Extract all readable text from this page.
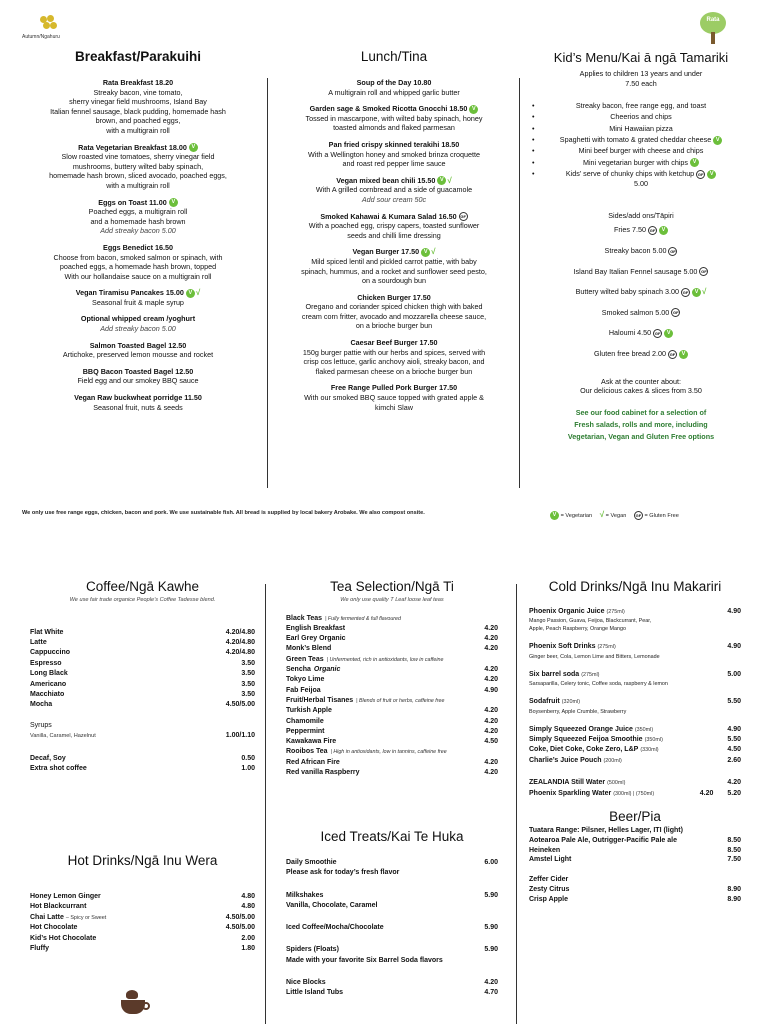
Autumn/Ngahuru
Rata
Breakfast/Parakuihi

Rata Breakfast 18.20

Streaky bacon, vine tomato,

sherry vinegar field mushrooms, Island Bay

Italian fennel sausage, black pudding, homemade hash

brown, and poached eggs,

with a multigrain roll

Rata Vegetarian Breakfast 18.00 V

Slow roasted vine tomatoes, sherry vinegar field

mushrooms, buttery wilted baby spinach,

homemade hash brown, sliced avocado, poached eggs,

with a multigrain roll

Eggs on Toast 11.00 V

Poached eggs, a multigrain roll

and a homemade hash brown

Add streaky bacon 5.00

Eggs Benedict 16.50

Choose from bacon, smoked salmon or spinach, with

poached eggs, a homemade hash brown, topped

With our hollandaise sauce on a multigrain roll

Vegan Tiramisu Pancakes 15.00 V √

Seasonal fruit & maple syrup

Optional whipped cream /yoghurt

Add streaky bacon 5.00

Salmon Toasted Bagel 12.50

Artichoke, preserved lemon mousse and rocket

BBQ Bacon Toasted Bagel 12.50

Field egg and our smokey BBQ sauce

Vegan Raw buckwheat porridge 11.50

Seasonal fruit, nuts & seeds

Lunch/Tina

Soup of the Day 10.80

A multigrain roll and whipped garlic butter

Garden sage & Smoked Ricotta Gnocchi 18.50 V

Tossed in mascarpone, with wilted baby spinach, honey

toasted almonds and flaked parmesan

Pan fried crispy skinned terakihi 18.50

With a Wellington honey and smoked brinza croquette

and roast red pepper lime sauce

Vegan mixed bean chili 15.50 V √

With A grilled cornbread and a side of guacamole

Add sour cream 50c

Smoked Kahawai & Kumara Salad 16.50 GF

With a poached egg, crispy capers, toasted sunflower

seeds and chilli lime dressing

Vegan Burger 17.50 V √

Mild spiced lentil and pickled carrot pattie, with baby

spinach, hummus, and a rocket and sunflower seed pesto,

on a sourdough bun

Chicken Burger 17.50

Oregano and coriander spiced chicken thigh with baked

cream corn fritter, avocado and mozzarella cheese sauce,

on a brioche burger bun

Caesar Beef Burger 17.50

150g burger pattie with our herbs and spices, served with

crisp cos lettuce, garlic anchovy aioli, streaky bacon, and

flaked parmesan cheese on a brioche burger bun

Free Range Pulled Pork Burger 17.50

With our smoked BBQ sauce topped with grated apple &

kimchi Slaw

Kid’s Menu/Kai ā ngā Tamariki

Applies to children 13 years and under

7.50 each

• Streaky bacon, free range egg, and toast
• Cheerios and chips
• Mini Hawaiian pizza
• Spaghetti with tomato & grated cheddar cheese V
• Mini beef burger with cheese and chips
• Mini vegetarian burger with chips V
• Kids’ serve of chunky chips with ketchup GF V

5.00

Sides/add ons/Tāpiri

Fries 7.50 GF V

Streaky bacon 5.00 GF

Island Bay Italian Fennel sausage 5.00 GF

Buttery wilted baby spinach 3.00 GF V √

Smoked salmon 5.00 GF

Haloumi 4.50 GF V

Gluten free bread 2.00 GF V

Ask at the counter about:

Our delicious cakes & slices from 3.50

See our food cabinet for a selection of

Fresh salads, rolls and more, including

Vegetarian, Vegan and Gluten Free options

We only use free range eggs, chicken, bacon and pork. We use sustainable fish. All bread is supplied by local bakery Arobake. We also compost onsite.	V = Vegetarian √ = Vegan GF = Gluten Free
Coffee/Ngā Kawhe

We use fair trade organice People’s Coffee Tadesse blend.

Flat White	4.20/4.80
Latte	4.20/4.80
Cappuccino	4.20/4.80
Espresso	3.50
Long Black	3.50
Americano	3.50
Macchiato	3.50
Mocha	4.50/5.00
Syrups	
Vanilla, Caramel, Hazelnut	1.00/1.10
Decaf, Soy	0.50
Extra shot coffee	1.00
Hot Drinks/Ngā Inu Wera
Honey Lemon Ginger	4.80
Hot Blackcurrant	4.80
Chai Latte – Spicy or Sweet	4.50/5.00
Hot Chocolate	4.50/5.00
Kid’s Hot Chocolate	2.00
Fluffy	1.80
Tea Selection/Ngā Ti

We only use quality T Leaf loose leaf teas

Black Teas | Fully fermented & full flavoured
English Breakfast	4.20
Earl Grey Organic	4.20
Monk’s Blend	4.20
Green Teas | Unfermented, rich in antioxidants, low in caffeine
Sencha Organic	4.20
Tokyo Lime	4.20
Fab Feijoa	4.90
Fruit/Herbal Tisanes | Blends of fruit or herbs, caffeine free
Turkish Apple	4.20
Chamomile	4.20
Peppermint	4.20
Kawakawa Fire	4.50
Rooibos Tea | High in antioxidants, low in tannins, caffeine free
Red African Fire	4.20
Red vanilla Raspberry	4.20
Iced Treats/Kai Te Huka
Daily Smoothie	6.00
Please ask for today’s fresh flavor
Milkshakes	5.90
Vanilla, Chocolate, Caramel
Iced Coffee/Mocha/Chocolate	5.90
Spiders (Floats)	5.90
Made with your favorite Six Barrel Soda flavors
Nice Blocks	4.20
Little Island Tubs	4.70
Cold Drinks/Ngā Inu Makariri
Phoenix Organic Juice (275ml)	4.90

Mango Passion, Guava, Feijoa, Blackcurrant, Pear,

Apple, Peach Raspberry, Orange Mango

Phoenix Soft Drinks (275ml)	4.90

Ginger beer, Cola, Lemon Lime and Bitters, Lemonade

Six barrel soda (275ml)	5.00

Sarsaparilla, Celery tonic, Coffee soda, raspberry & lemon

Sodafruit (320ml)	5.50

Boysenberry, Apple Crumble, Strawberry

Simply Squeezed Orange Juice (350ml)	4.90
Simply Squeezed Feijoa Smoothie (350ml)	5.50
Coke, Diet Coke, Coke Zero, L&P (330ml)	4.50
Charlie’s Juice Pouch (200ml)	2.60
ZEALANDIA Still Water (500ml)	4.20
Phoenix Sparkling Water (300ml) | (750ml)	4.20 5.20
Beer/Pia
Tuatara Range: Pilsner, Helles Lager, ITI (light)
Aotearoa Pale Ale, Outrigger-Pacific Pale ale	8.50
Heineken	8.50
Amstel Light	7.50
Zeffer Cider
Zesty Citrus	8.90
Crisp Apple	8.90
